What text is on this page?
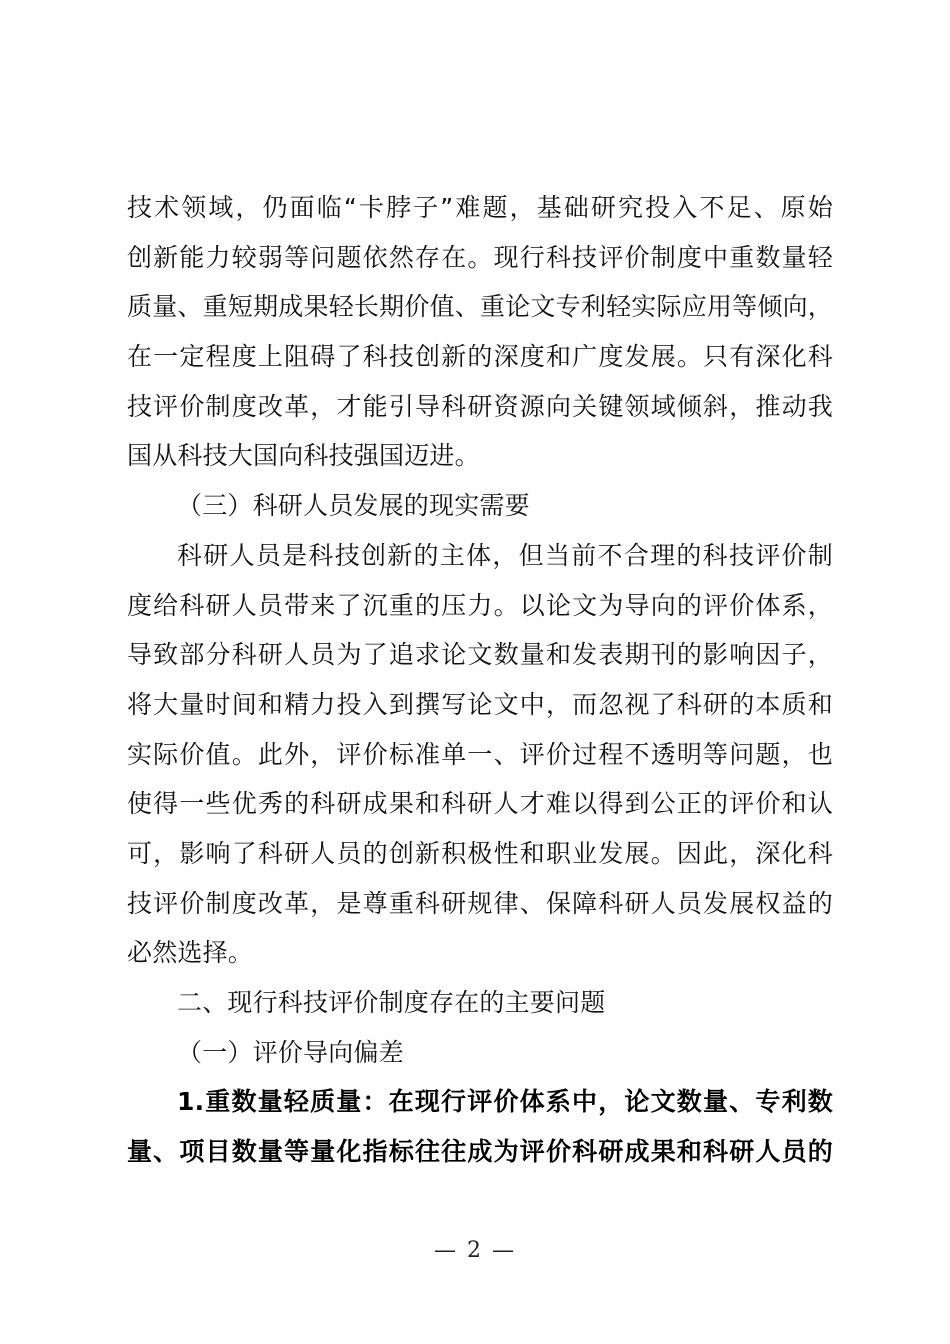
技术领域，仍面临“卡脖子”难题，基础研究投入不足、原始
创新能力较弱等问题依然存在。现行科技评价制度中重数量轻
质量、重短期成果轻长期价值、重论文专利轻实际应用等倾向，
在一定程度上阻碍了科技创新的深度和广度发展。只有深化科
技评价制度改革，才能引导科研资源向关键领域倾斜，推动我
国从科技大国向科技强国迈进。
（三）科研人员发展的现实需要
科研人员是科技创新的主体，但当前不合理的科技评价制
度给科研人员带来了沉重的压力。以论文为导向的评价体系，
导致部分科研人员为了追求论文数量和发表期刊的影响因子，
将大量时间和精力投入到撰写论文中，而忽视了科研的本质和
实际价值。此外，评价标准单一、评价过程不透明等问题，也
使得一些优秀的科研成果和科研人才难以得到公正的评价和认
可，影响了科研人员的创新积极性和职业发展。因此，深化科
技评价制度改革，是尊重科研规律、保障科研人员发展权益的
必然选择。
二、现行科技评价制度存在的主要问题
（一）评价导向偏差
1.重数量轻质量：在现行评价体系中，论文数量、专利数
量、项目数量等量化指标往往成为评价科研成果和科研人员的
— 2 —
